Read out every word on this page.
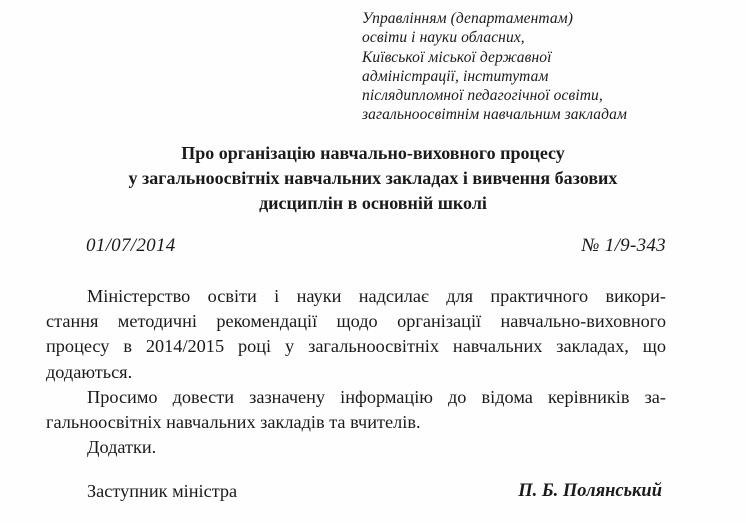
Управлінням (департаментам)
освіти і науки обласних,
Київської міської державної
адміністрації, інститутам
післядипломної педагогічної освіти,
загальноосвітнім навчальним закладам
Про організацію навчально-виховного процесу
у загальноосвітніх навчальних закладах і вивчення базових
дисциплін в основній школі
01/07/2014	№ 1/9-343
Міністерство освіти і науки надсилає для практичного викори-
стання методичні рекомендації щодо організації навчально-виховного
процесу в 2014/2015 році у загальноосвітніх навчальних закладах, що
додаються.
Просимо довести зазначену інформацію до відома керівників за-
гальноосвітніх навчальних закладів та вчителів.
Додатки.
Заступник міністра	П. Б. Полянський
